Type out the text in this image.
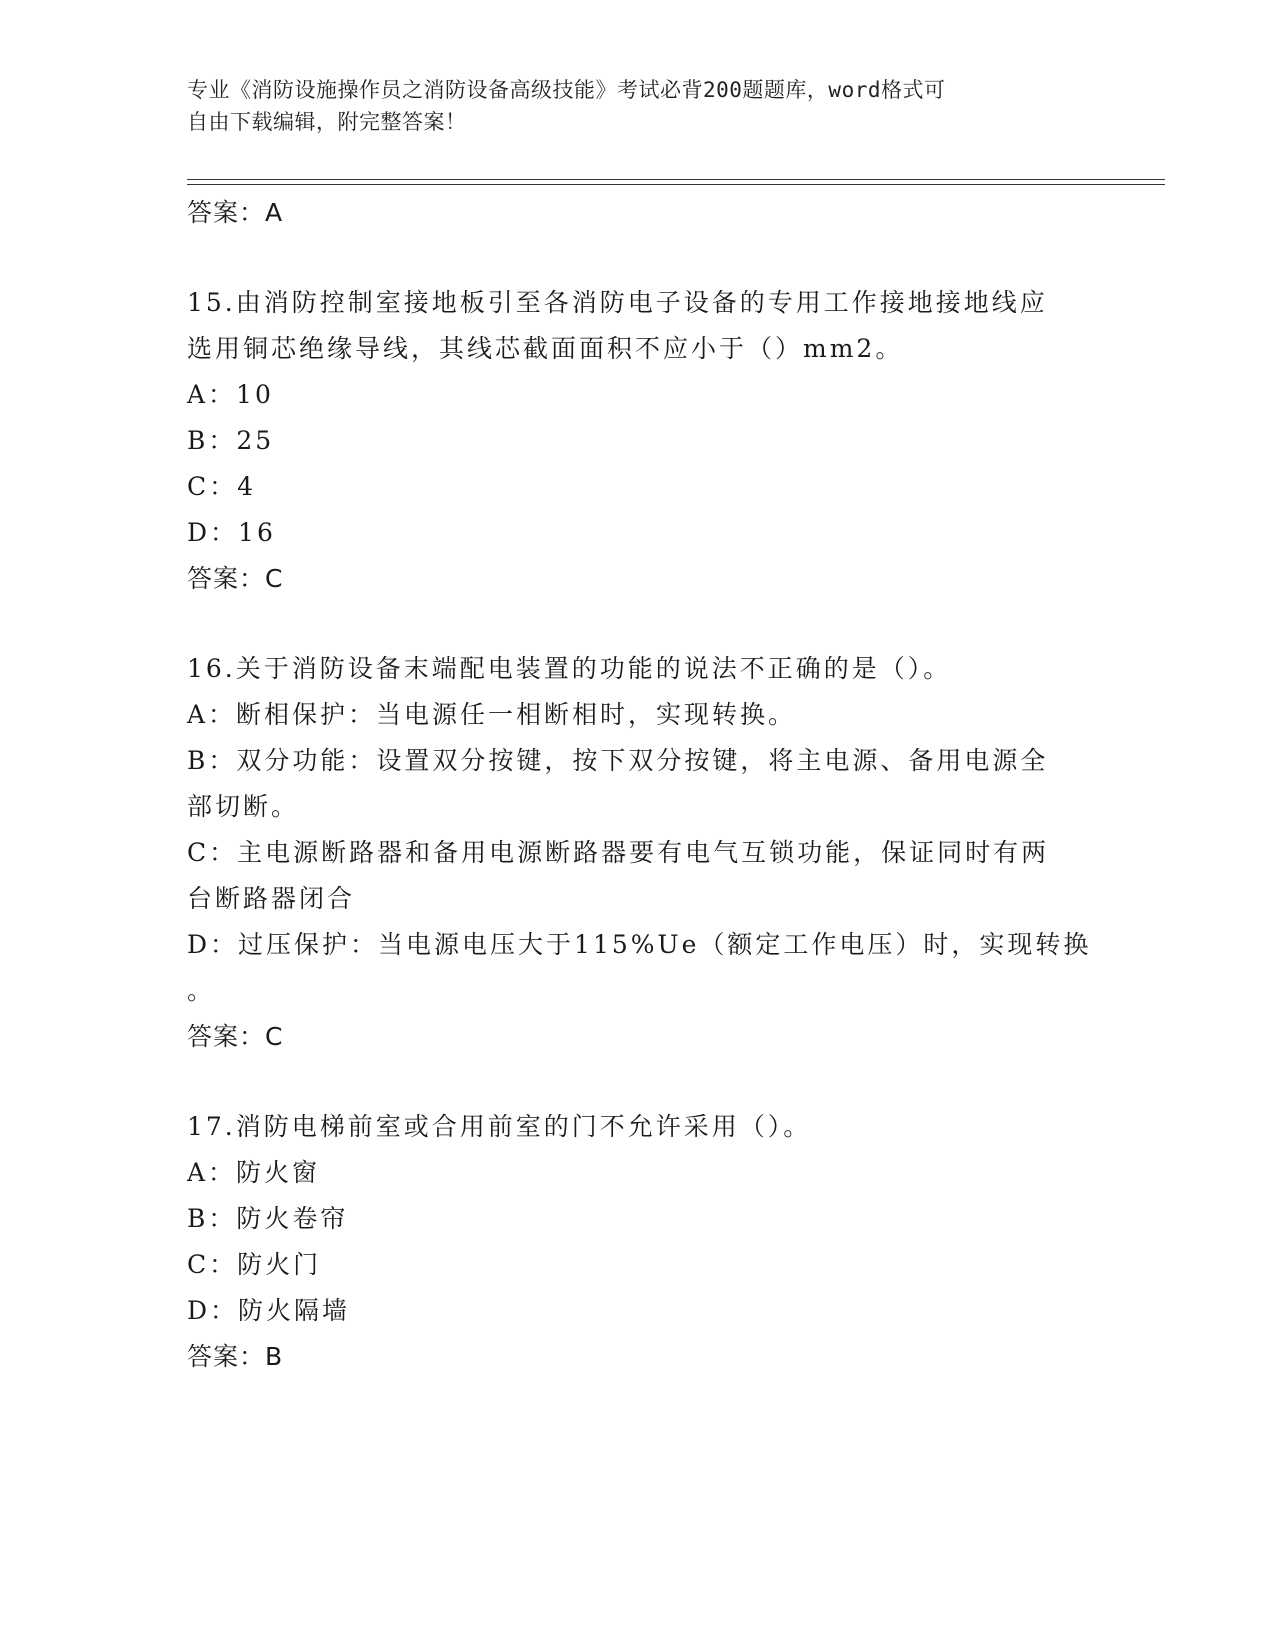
专业《消防设施操作员之消防设备高级技能》考试必背200题题库，word格式可
自由下载编辑，附完整答案！
答案：A
15.由消防控制室接地板引至各消防电子设备的专用工作接地接地线应
选用铜芯绝缘导线，其线芯截面面积不应小于（）mm2。
A：10
B：25
C：4
D：16
答案：C
16.关于消防设备末端配电装置的功能的说法不正确的是（）。
A：断相保护：当电源任一相断相时，实现转换。
B：双分功能：设置双分按键，按下双分按键，将主电源、备用电源全
部切断。
C：主电源断路器和备用电源断路器要有电气互锁功能，保证同时有两
台断路器闭合
D：过压保护：当电源电压大于115%Ue（额定工作电压）时，实现转换
。
答案：C
17.消防电梯前室或合用前室的门不允许采用（）。
A：防火窗
B：防火卷帘
C：防火门
D：防火隔墙
答案：B
